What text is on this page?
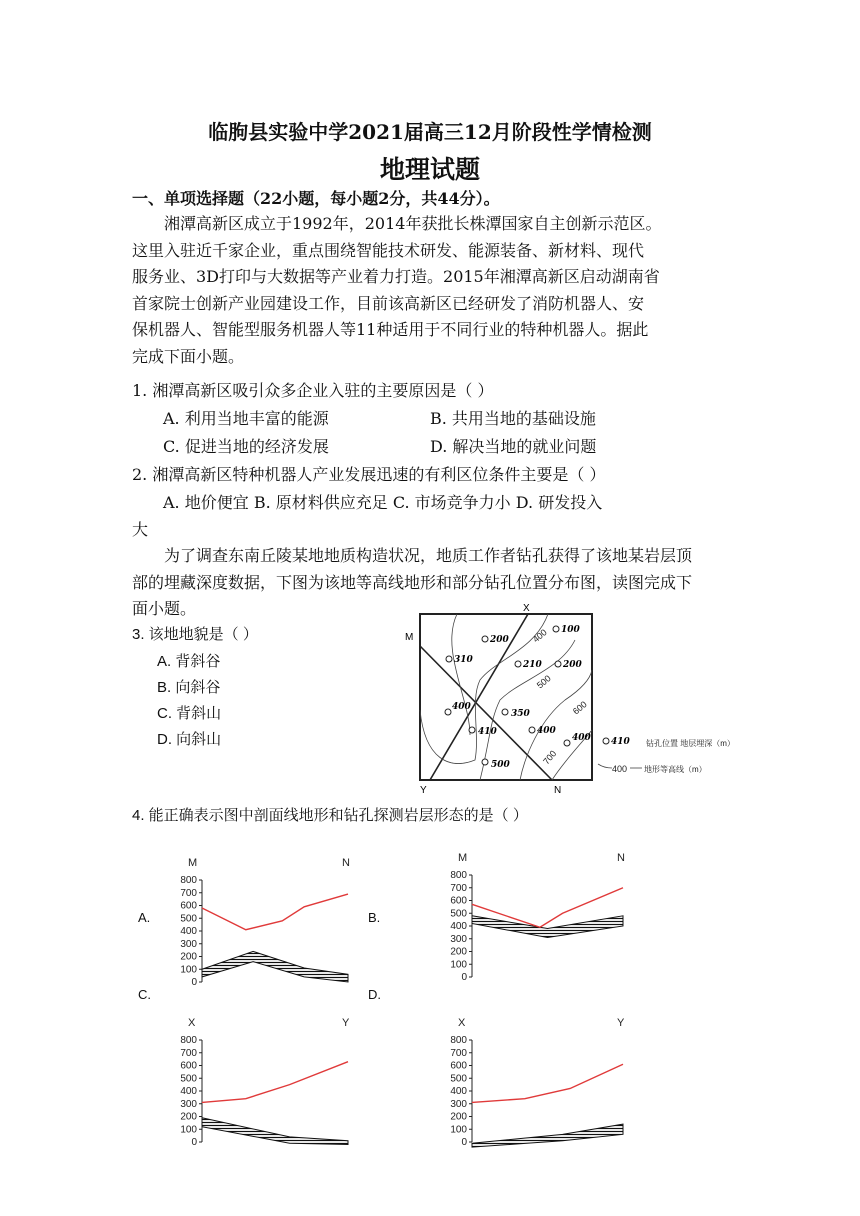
临朐县实验中学2021届高三12月阶段性学情检测
地理试题
一、单项选择题（22小题，每小题2分，共44分）。
湘潭高新区成立于1992年，2014年获批长株潭国家自主创新示范区。
这里入驻近千家企业，重点围绕智能技术研发、能源装备、新材料、现代
服务业、3D打印与大数据等产业着力打造。2015年湘潭高新区启动湖南省
首家院士创新产业园建设工作，目前该高新区已经研发了消防机器人、安
保机器人、智能型服务机器人等11种适用于不同行业的特种机器人。据此
完成下面小题。
1. 湘潭高新区吸引众多企业入驻的主要原因是（ ）
A. 利用当地丰富的能源	B. 共用当地的基础设施
C. 促进当地的经济发展	D. 解决当地的就业问题
2. 湘潭高新区特种机器人产业发展迅速的有利区位条件主要是（ ）
A. 地价便宜 B. 原材料供应充足 C. 市场竞争力小 D. 研发投入
大
为了调查东南丘陵某地地质构造状况，地质工作者钻孔获得了该地某岩层顶
部的埋藏深度数据，下图为该地等高线地形和部分钻孔位置分布图，读图完成下
面小题。
3. 该地地貌是（ ）
A. 背斜谷
B. 向斜谷
C. 背斜山
D. 向斜山
M
X
Y	N
400
500
600
700
100
200
310	210 200
400
350
410	400
400
500
410 钻孔位置 地层埋深（m）
400 地形等高线（m）
4. 能正确表示图中剖面线地形和钻孔探测岩层形态的是（ ）
A.	B.
C.	D.
M	N
800
700
600
500
400
300
200
100
0
M	N
800
700
600
500
400
300
200
100
0
X	Y
800
700
600
500
400
300
200
100
0
X	Y
800
700
600
500
400
300
200
100
0
